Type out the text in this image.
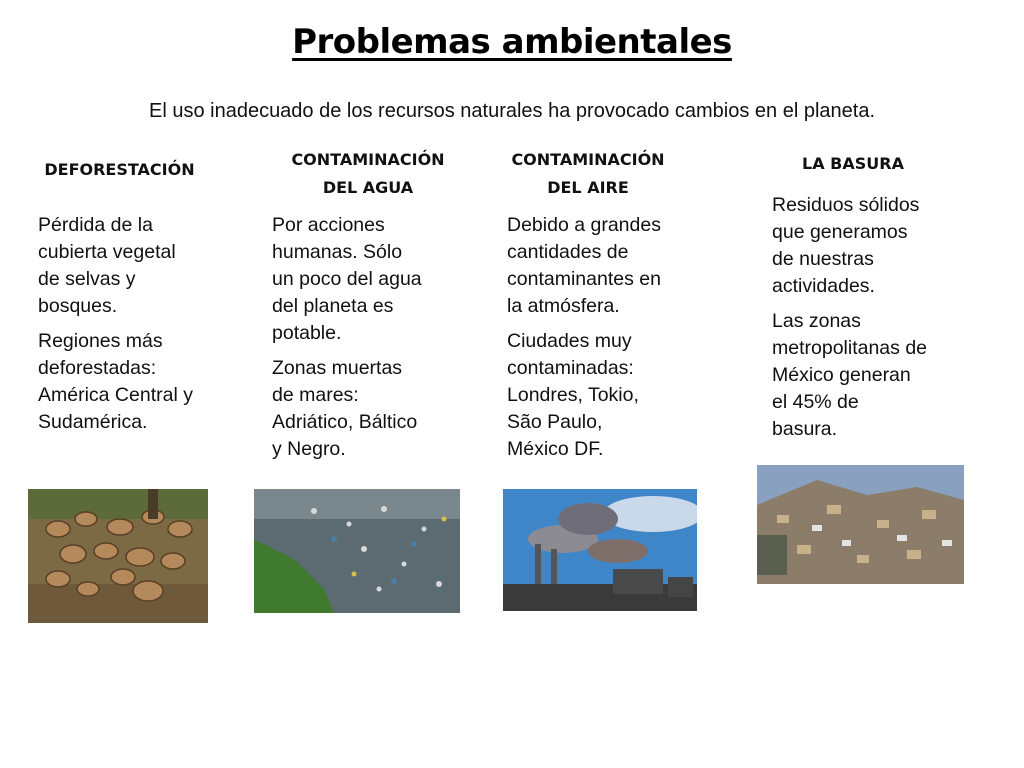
Problemas ambientales
El uso inadecuado de los recursos naturales ha provocado cambios en el planeta.
DEFORESTACIÓN

Pérdida de la
cubierta vegetal
de selvas y
bosques.

Regiones más
deforestadas:
América Central y
Sudamérica.

CONTAMINACIÓN
DEL AGUA

Por acciones
humanas. Sólo
un poco del agua
del planeta es
potable.

Zonas muertas
de mares:
Adriático, Báltico
y Negro.

CONTAMINACIÓN
DEL AIRE

Debido a grandes
cantidades de
contaminantes en
la atmósfera.

Ciudades muy
contaminadas:
Londres, Tokio,
São Paulo,
México DF.

LA BASURA

Residuos sólidos
que generamos
de nuestras
actividades.

Las zonas
metropolitanas de
México generan
el 45% de
basura.
